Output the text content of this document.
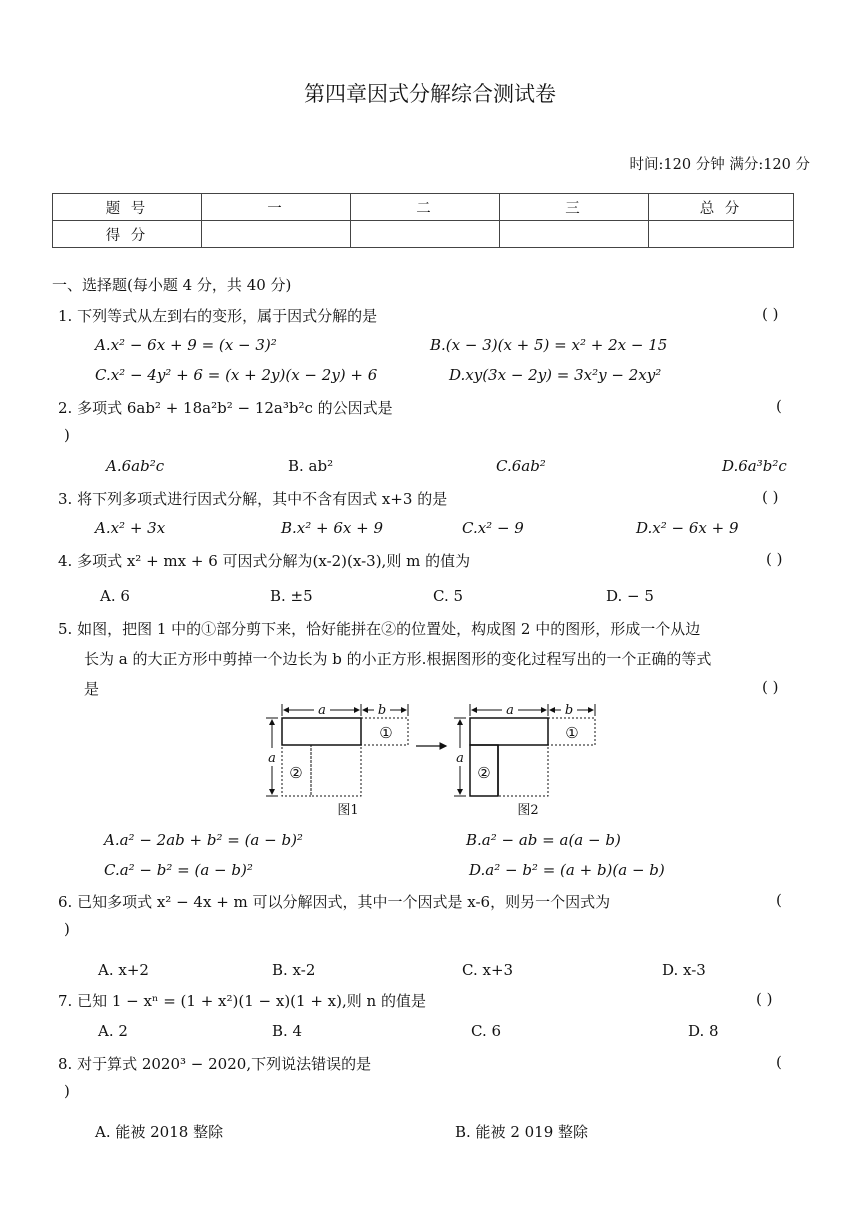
第四章因式分解综合测试卷
时间:120 分钟 满分:120 分
题 号	一	二	三	总 分
得 分				
一、选择题(每小题 4 分，共 40 分)
1. 下列等式从左到右的变形，属于因式分解的是	( )
A.x² − 6x + 9 = (x − 3)²	B.(x − 3)(x + 5) = x² + 2x − 15
C.x² − 4y² + 6 = (x + 2y)(x − 2y) + 6	D.xy(3x − 2y) = 3x²y − 2xy²
2. 多项式 6ab² + 18a²b² − 12a³b²c 的公因式是	(
)
A.6ab²c	B. ab²	C.6ab²	D.6a³b²c
3. 将下列多项式进行因式分解，其中不含有因式 x+3 的是	( )
A.x² + 3x	B.x² + 6x + 9	C.x² − 9	D.x² − 6x + 9
4. 多项式 x² + mx + 6 可因式分解为(x-2)(x-3),则 m 的值为	( )
A. 6	B. ±5	C. 5	D. − 5
5. 如图，把图 1 中的①部分剪下来，恰好能拼在②的位置处，构成图 2 中的图形，形成一个从边
长为 a 的大正方形中剪掉一个边长为 b 的小正方形.根据图形的变化过程写出的一个正确的等式
是	( )
a	b
a
①
②
图1
a	b
a
①
②
图2
A.a² − 2ab + b² = (a − b)²	B.a² − ab = a(a − b)
C.a² − b² = (a − b)²	D.a² − b² = (a + b)(a − b)
6. 已知多项式 x² − 4x + m 可以分解因式，其中一个因式是 x-6，则另一个因式为	(
)
A. x+2	B. x-2	C. x+3	D. x-3
7. 已知 1 − xⁿ = (1 + x²)(1 − x)(1 + x),则 n 的值是	( )
A. 2	B. 4	C. 6	D. 8
8. 对于算式 2020³ − 2020,下列说法错误的是	(
)
A. 能被 2018 整除	B. 能被 2 019 整除
